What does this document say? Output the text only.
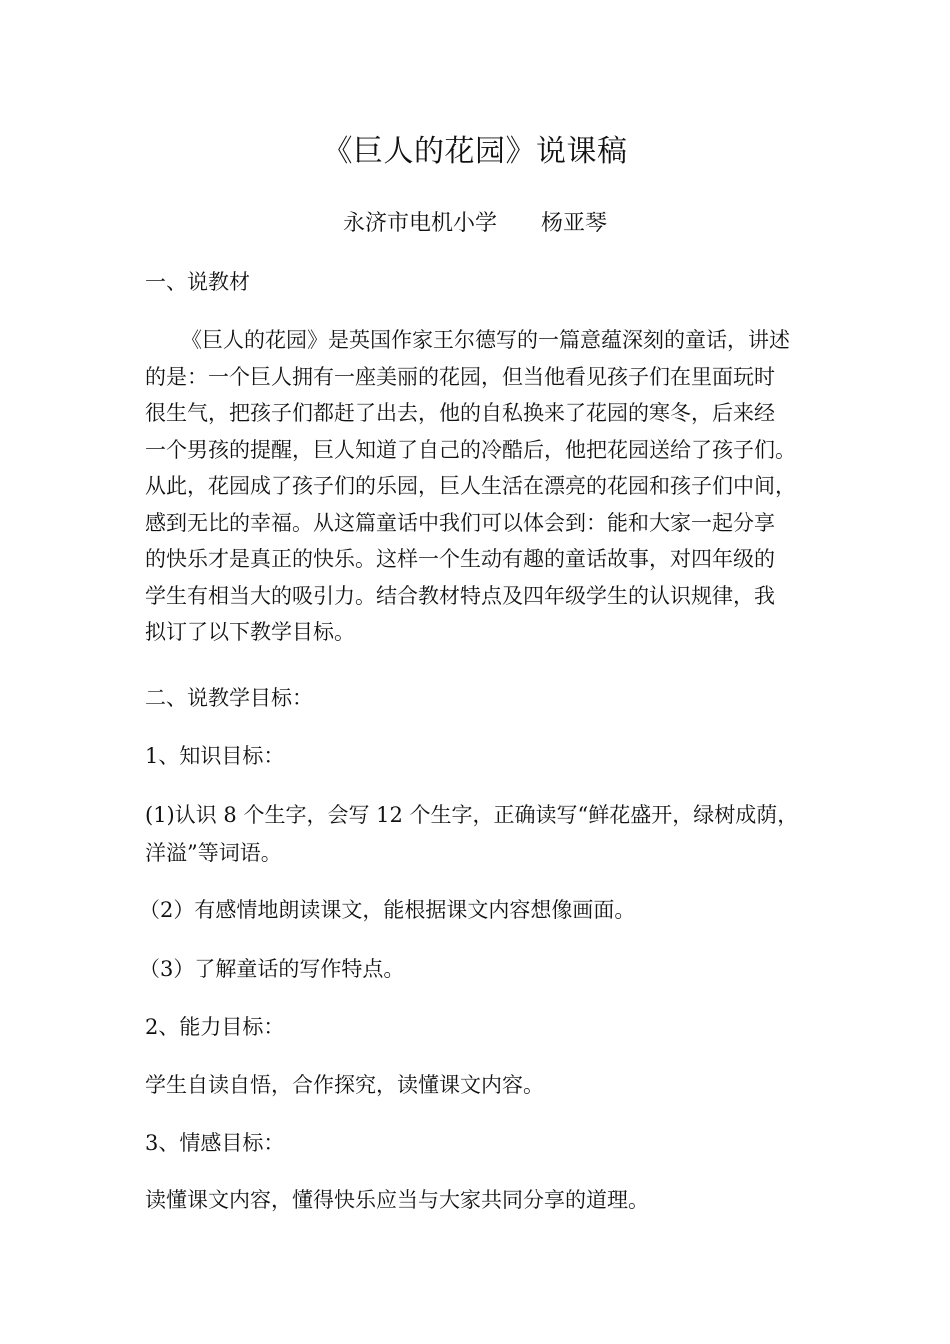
《巨人的花园》说课稿
永济市电机小学 杨亚琴
一、说教材
《巨人的花园》是英国作家王尔德写的一篇意蕴深刻的童话，讲述
的是：一个巨人拥有一座美丽的花园，但当他看见孩子们在里面玩时
很生气，把孩子们都赶了出去，他的自私换来了花园的寒冬，后来经
一个男孩的提醒，巨人知道了自己的冷酷后，他把花园送给了孩子们。
从此，花园成了孩子们的乐园，巨人生活在漂亮的花园和孩子们中间，
感到无比的幸福。从这篇童话中我们可以体会到：能和大家一起分享
的快乐才是真正的快乐。这样一个生动有趣的童话故事，对四年级的
学生有相当大的吸引力。结合教材特点及四年级学生的认识规律，我
拟订了以下教学目标。
二、说教学目标：
1、知识目标：
(1)认识 8 个生字，会写 12 个生字，正确读写“鲜花盛开，绿树成荫，
洋溢”等词语。
（2）有感情地朗读课文，能根据课文内容想像画面。
（3）了解童话的写作特点。
2、能力目标：
学生自读自悟，合作探究，读懂课文内容。
3、情感目标：
读懂课文内容，懂得快乐应当与大家共同分享的道理。
